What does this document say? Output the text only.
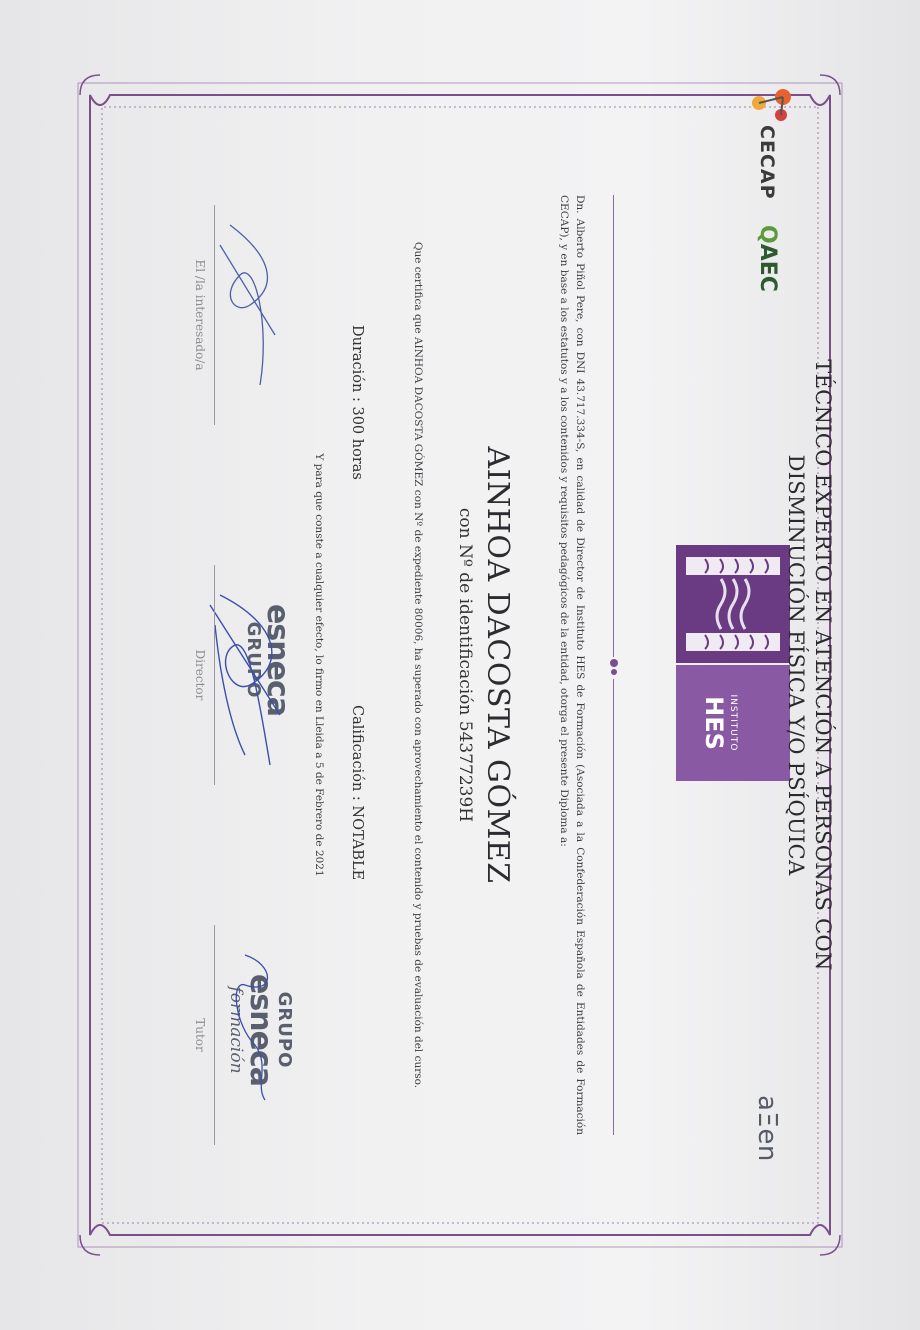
CECAP
QAEC
INSTITUTO
HES
aΞen
TÉCNICO EXPERTO EN ATENCIÓN A PERSONAS CON
DISMINUCIÓN FÍSICA Y/O PSÍQUICA
Dn. Alberto Piñol Pere, con DNI 43.717.334-S, en calidad de Director de Instituto HES de Formación (Asociada a la Confederación Española de Entidades de Formación CECAP), y en base a los estatutos y a los contenidos y requisitos pedagógicos de la entidad, otorga el presente Diploma a:
AINHOA DACOSTA GÓMEZ
con Nº de identificación 54377239H
Que certifica que AINHOA DACOSTA GÓMEZ con Nº de expediente 80006, ha superado con aprovechamiento el contenido y pruebas de evaluación del curso.
Duración : 300 horas
Calificación : NOTABLE
Y para que conste a cualquier efecto, lo firmo en Lleida a 5 de Febrero de 2021
esneca
GRUPO
GRUPO
esneca
formación
El /la interesado/a
Director
Tutor
